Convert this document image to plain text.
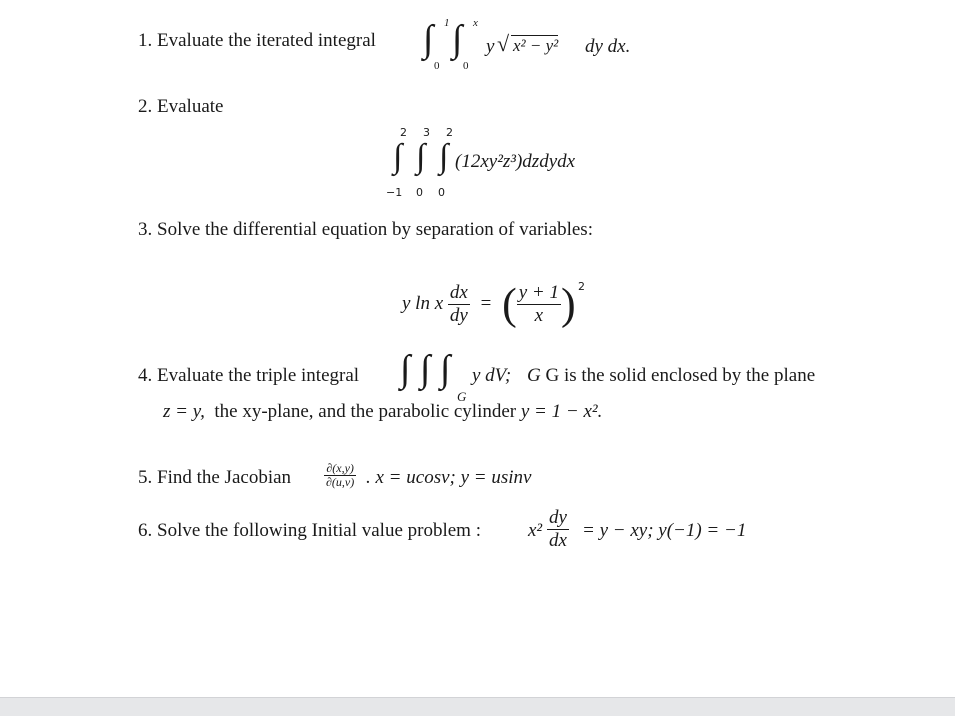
1. Evaluate the iterated integral ∫ 1
0
∫ x
0
y √ x² − y² dy dx.
2. Evaluate
2 3 2
∫ ∫ ∫
−1 0 0
(12xy²z³)dzdydx
3. Solve the differential equation by separation of variables:
y ln x $\frac{dx}{dy}$ = ( $\frac{y + 1}{x}$ ) 2
4. Evaluate the triple integral ∫ ∫ ∫
G
y dV; G G is the solid enclosed by the plane
z = y, the xy-plane, and the parabolic cylinder y = 1 − x².
5. Find the Jacobian	$\frac{\partial(x,y)}{\partial(u,v)}$ . x = ucosv; y = usinv
6. Solve the following Initial value problem : $x^2 \frac{dy}{dx} = y$ − xy; y(−1) = −1
